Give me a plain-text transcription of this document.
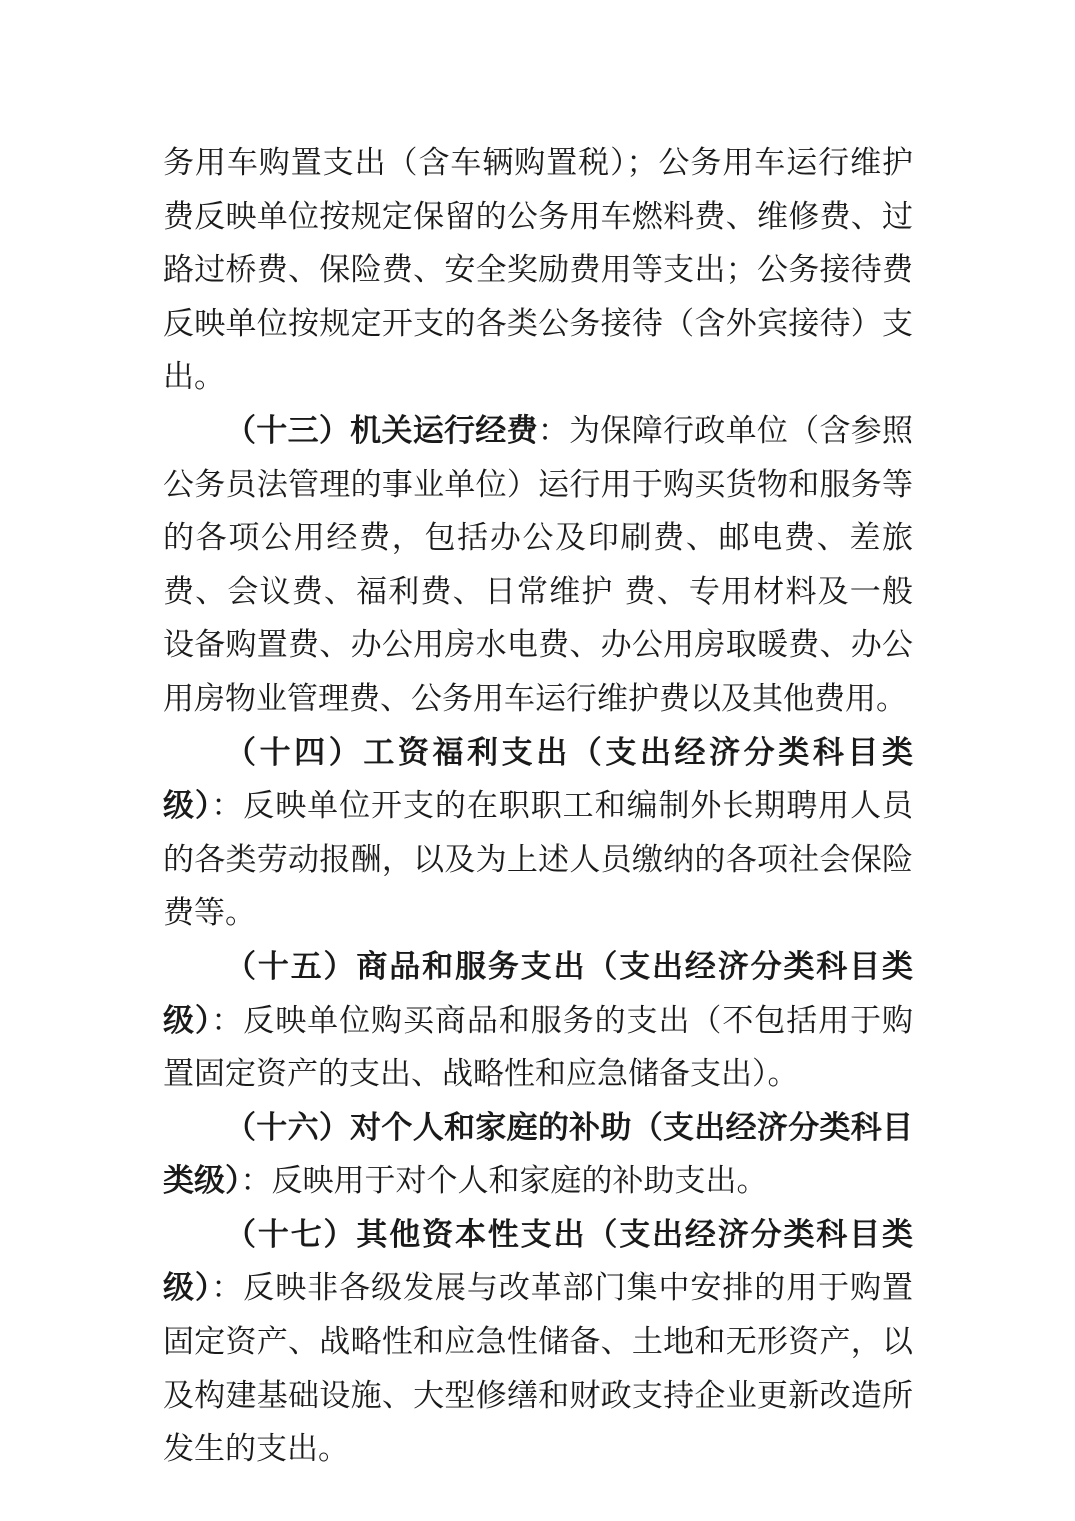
务用车购置支出（含车辆购置税）；公务用车运行维护费反映单位按规定保留的公务用车燃料费、维修费、过路过桥费、保险费、安全奖励费用等支出；公务接待费反映单位按规定开支的各类公务接待（含外宾接待）支出。

（十三）机关运行经费：为保障行政单位（含参照公务员法管理的事业单位）运行用于购买货物和服务等的各项公用经费，包括办公及印刷费、邮电费、差旅费、会议费、福利费、日常维护 费、专用材料及一般设备购置费、办公用房水电费、办公用房取暖费、办公用房物业管理费、公务用车运行维护费以及其他费用。

（十四）工资福利支出（支出经济分类科目类级）：反映单位开支的在职职工和编制外长期聘用人员的各类劳动报酬，以及为上述人员缴纳的各项社会保险费等。

（十五）商品和服务支出（支出经济分类科目类级）：反映单位购买商品和服务的支出（不包括用于购置固定资产的支出、战略性和应急储备支出）。

（十六）对个人和家庭的补助（支出经济分类科目类级）：反映用于对个人和家庭的补助支出。

（十七）其他资本性支出（支出经济分类科目类级）：反映非各级发展与改革部门集中安排的用于购置固定资产、战略性和应急性储备、土地和无形资产，以及构建基础设施、大型修缮和财政支持企业更新改造所发生的支出。
